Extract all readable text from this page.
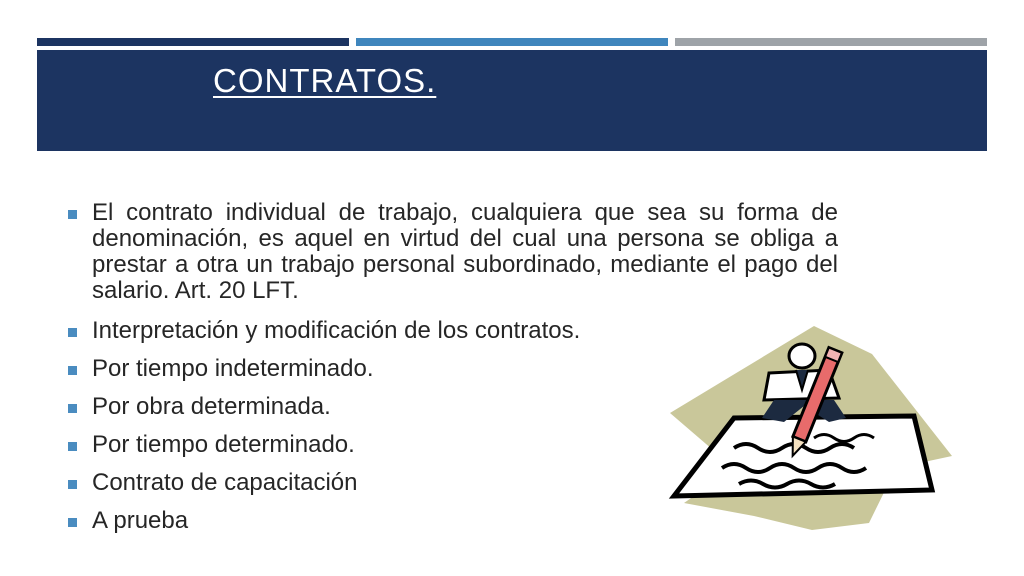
CONTRATOS.
El contrato individual de trabajo, cualquiera que sea su forma de denominación, es aquel en virtud del cual una persona se obliga a prestar a otra un trabajo personal subordinado, mediante el pago del salario. Art. 20 LFT.
Interpretación y modificación de los contratos.
Por tiempo indeterminado.
Por obra determinada.
Por tiempo determinado.
Contrato de capacitación
A prueba
